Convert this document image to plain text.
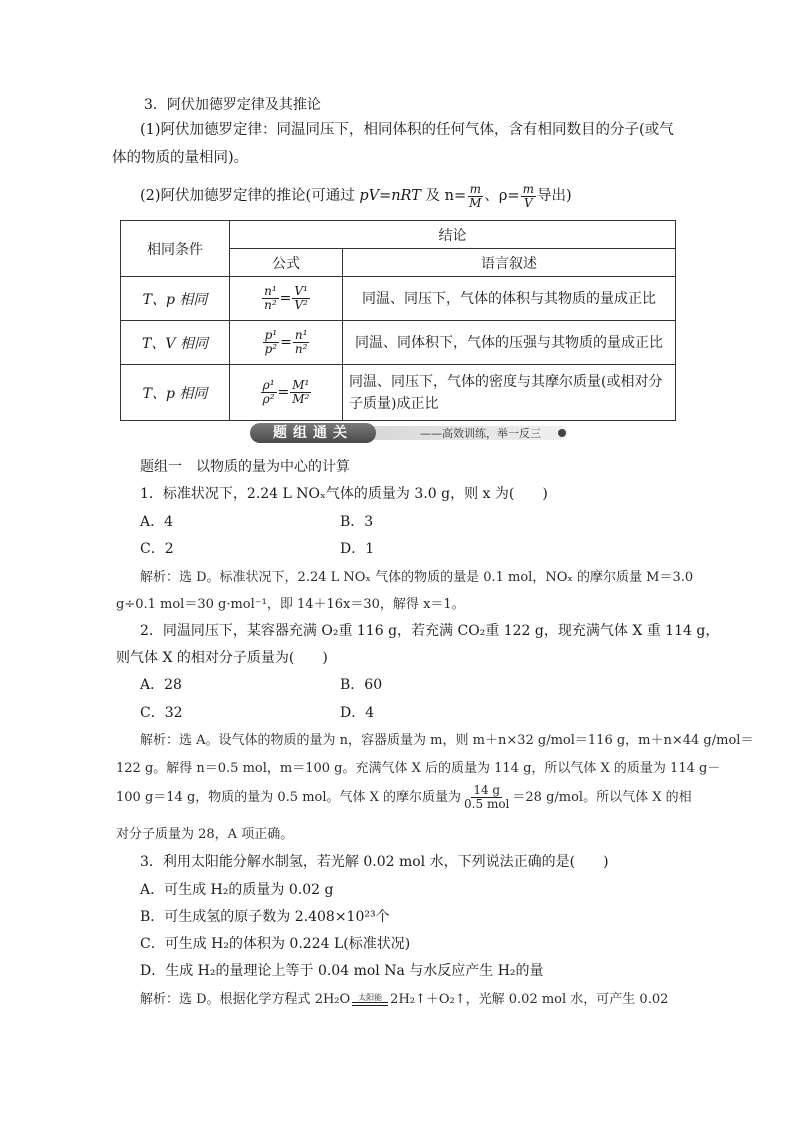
3．阿伏加德罗定律及其推论
(1)阿伏加德罗定律：同温同压下，相同体积的任何气体，含有相同数目的分子(或气体的物质的量相同)。
(2)阿伏加德罗定律的推论(可通过 pV=nRT 及 $n= \frac{m}{M}$ 、$\rho= \frac{m}{V}$ 导出)
相同条件	结论	
	公式	语言叙述
T、p 相同	$\frac{\text{n¹}}{\text{n²}} = \frac{\text{V¹}}{\text{V²}}$	同温、同压下，气体的体积与其物质的量成正比

T、V 相同	$\frac{\text{p¹}}{\text{p²}} = \frac{\text{n¹}}{\text{n²}}$	同温、同体积下，气体的压强与其物质的量成正比

T、p 相同	$\frac{\text{ρ¹}}{\text{ρ²}} = \frac{\text{M¹}}{\text{M²}}$	同温、同压下，气体的密度与其摩尔质量(或相对分子质量)成正比
题组通关	——高效训练，举一反三
题组一　以物质的量为中心的计算
1．标准状况下，2.24 L NOₓ气体的质量为 3.0 g，则 x 为(　　)
A．4	B．3
C．2	D．1
解析：选 D。标准状况下，2.24 L NOₓ 气体的物质的量是 0.1 mol，NOₓ 的摩尔质量 M＝3.0
g÷0.1 mol＝30 g·mol⁻¹，即 14＋16x＝30，解得 x＝1。
2．同温同压下，某容器充满 O₂重 116 g，若充满 CO₂重 122 g，现充满气体 X 重 114 g，
则气体 X 的相对分子质量为(　　)
A．28	B．60
C．32	D．4
解析：选 A。设气体的物质的量为 n，容器质量为 m，则 m＋n×32 g/mol＝116 g，m＋n×44 g/mol＝
122 g。解得 n＝0.5 mol，m＝100 g。充满气体 X 后的质量为 114 g，所以气体 X 的质量为 114 g－
100 g＝14 g，物质的量为 0.5 mol。气体 X 的摩尔质量为 $\frac{14 g}{\text{0.5 mol}} =28$ g/mol。所以气体 X 的相
对分子质量为 28，A 项正确。
3．利用太阳能分解水制氢，若光解 0.02 mol 水，下列说法正确的是(　　)
A．可生成 H₂的质量为 0.02 g
B．可生成氢的原子数为 2.408×10²³个
C．可生成 H₂的体积为 0.224 L(标准状况)
D．生成 H₂的量理论上等于 0.04 mol Na 与水反应产生 H₂的量
解析：选 D。根据化学方程式 2H₂O 太阳能 2H₂↑＋O₂↑，光解 0.02 mol 水，可产生 0.02
